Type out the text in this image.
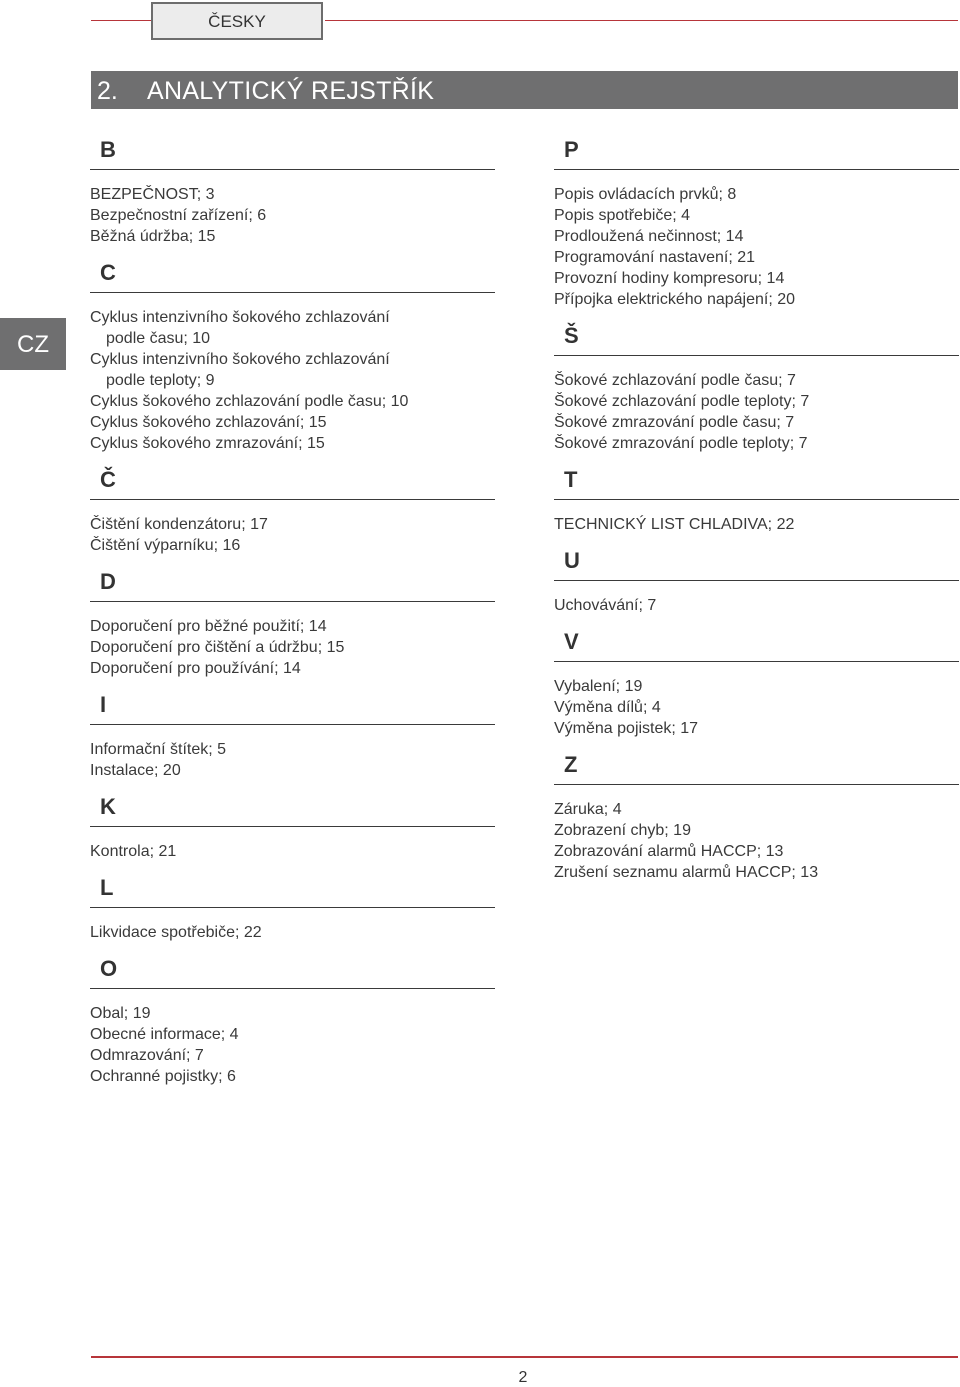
ČESKY
2. ANALYTICKÝ REJSTŘÍK
CZ
B
BEZPEČNOST; 3
Bezpečnostní zařízení; 6
Běžná údržba; 15
C
Cyklus intenzivního šokového zchlazování
podle času; 10
Cyklus intenzivního šokového zchlazování
podle teploty; 9
Cyklus šokového zchlazování podle času; 10
Cyklus šokového zchlazování; 15
Cyklus šokového zmrazování; 15
Č
Čištění kondenzátoru; 17
Čištění výparníku; 16
D
Doporučení pro běžné použití; 14
Doporučení pro čištění a údržbu; 15
Doporučení pro používání; 14
I
Informační štítek; 5
Instalace; 20
K
Kontrola; 21
L
Likvidace spotřebiče; 22
O
Obal; 19
Obecné informace; 4
Odmrazování; 7
Ochranné pojistky; 6
P
Popis ovládacích prvků; 8
Popis spotřebiče; 4
Prodloužená nečinnost; 14
Programování nastavení; 21
Provozní hodiny kompresoru; 14
Přípojka elektrického napájení; 20
Š
Šokové zchlazování podle času; 7
Šokové zchlazování podle teploty; 7
Šokové zmrazování podle času; 7
Šokové zmrazování podle teploty; 7
T
TECHNICKÝ LIST CHLADIVA; 22
U
Uchovávání; 7
V
Vybalení; 19
Výměna dílů; 4
Výměna pojistek; 17
Z
Záruka; 4
Zobrazení chyb; 19
Zobrazování alarmů HACCP; 13
Zrušení seznamu alarmů HACCP; 13
2
